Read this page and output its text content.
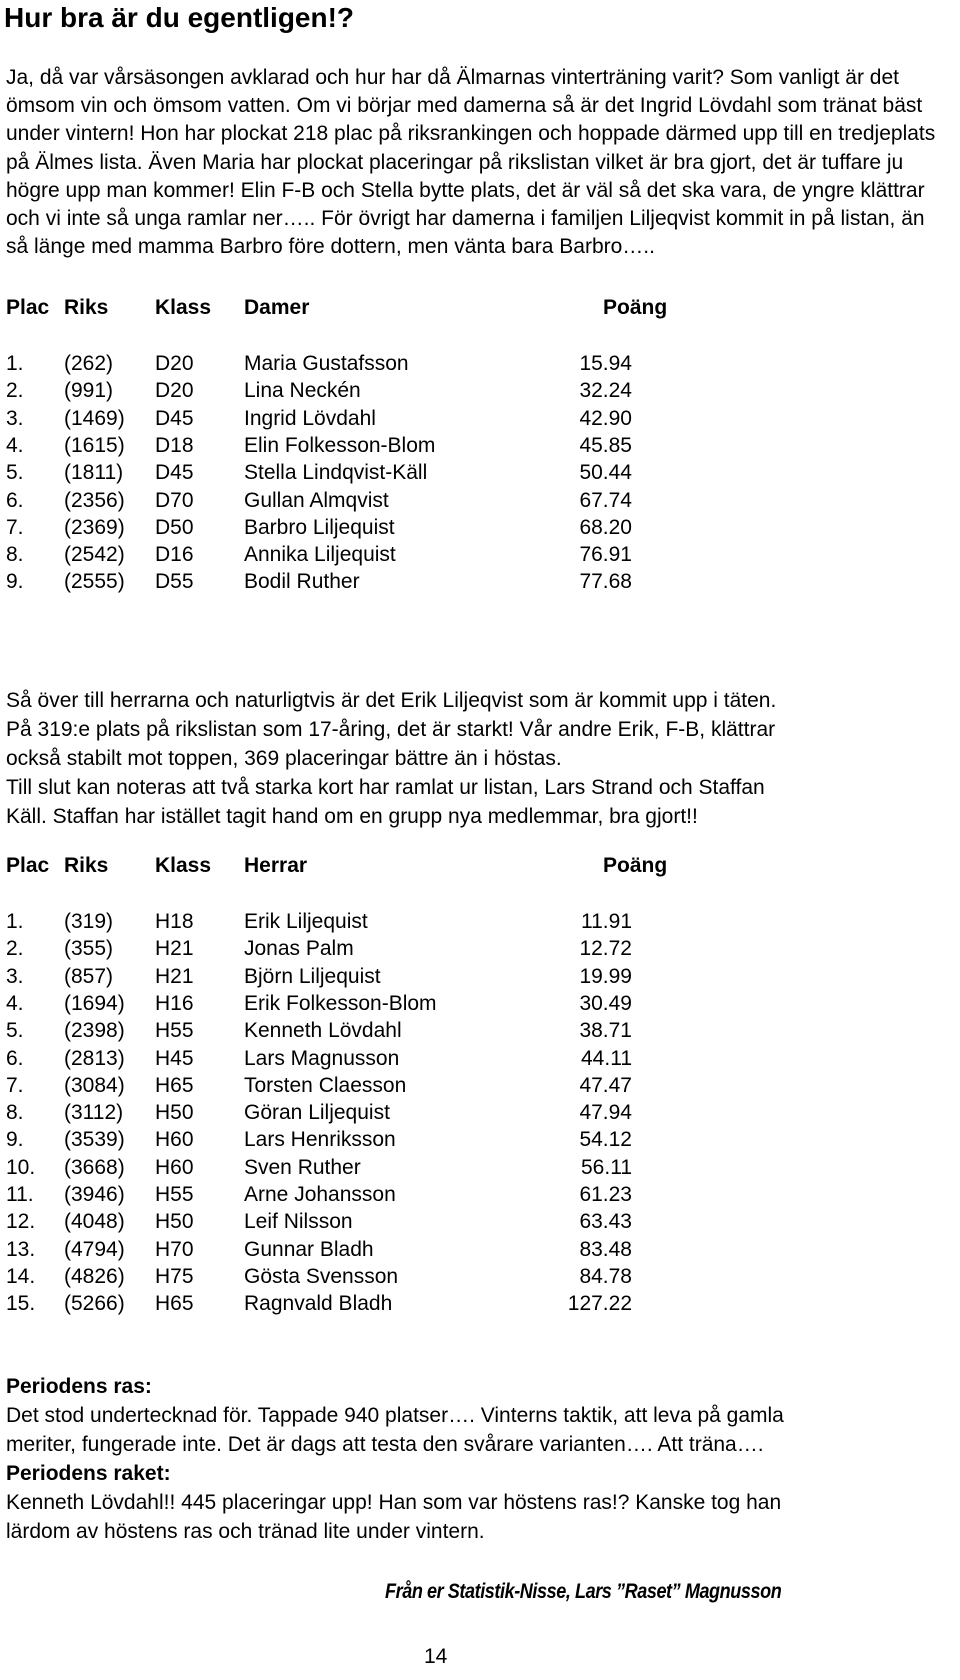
Hur bra är du egentligen!?

Ja, då var vårsäsongen avklarad och hur har då Älmarnas vinterträning varit? Som vanligt är det ömsom vin och ömsom vatten. Om vi börjar med damerna så är det Ingrid Lövdahl som tränat bäst under vintern! Hon har plockat 218 plac på riksrankingen och hoppade därmed upp till en tredjeplats på Älmes lista. Även Maria har plockat placeringar på rikslistan vilket är bra gjort, det är tuffare ju högre upp man kommer! Elin F-B och Stella bytte plats, det är väl så det ska vara, de yngre klättrar och vi inte så unga ramlar ner….. För övrigt har damerna i familjen Liljeqvist kommit in på listan, än så länge med mamma Barbro före dottern, men vänta bara Barbro…..

Plac Riks Klass Damer	Poäng
1. (262) D20 Maria Gustafsson	15.94
2. (991) D20 Lina Neckén	32.24
3. (1469) D45 Ingrid Lövdahl	42.90
4. (1615) D18 Elin Folkesson-Blom	45.85
5. (1811) D45 Stella Lindqvist-Käll	50.44
6. (2356) D70 Gullan Almqvist	67.74
7. (2369) D50 Barbro Liljequist	68.20
8. (2542) D16 Annika Liljequist	76.91
9. (2555) D55 Bodil Ruther	77.68

Så över till herrarna och naturligtvis är det Erik Liljeqvist som är kommit upp i täten.

På 319:e plats på rikslistan som 17-åring, det är starkt! Vår andre Erik, F-B, klättrar

också stabilt mot toppen, 369 placeringar bättre än i höstas.

Till slut kan noteras att två starka kort har ramlat ur listan, Lars Strand och Staffan

Käll. Staffan har istället tagit hand om en grupp nya medlemmar, bra gjort!!

Plac Riks Klass Herrar	Poäng
1. (319) H18 Erik Liljequist	11.91
2. (355) H21 Jonas Palm	12.72
3. (857) H21 Björn Liljequist	19.99
4. (1694) H16 Erik Folkesson-Blom	30.49
5. (2398) H55 Kenneth Lövdahl	38.71
6. (2813) H45 Lars Magnusson	44.11
7. (3084) H65 Torsten Claesson	47.47
8. (3112) H50 Göran Liljequist	47.94
9. (3539) H60 Lars Henriksson	54.12
10. (3668) H60 Sven Ruther	56.11
11. (3946) H55 Arne Johansson	61.23
12. (4048) H50 Leif Nilsson	63.43
13. (4794) H70 Gunnar Bladh	83.48
14. (4826) H75 Gösta Svensson	84.78
15. (5266) H65 Ragnvald Bladh	127.22

Periodens ras:

Det stod undertecknad för. Tappade 940 platser…. Vinterns taktik, att leva på gamla

meriter, fungerade inte. Det är dags att testa den svårare varianten…. Att träna….

Periodens raket:

Kenneth Lövdahl!! 445 placeringar upp! Han som var höstens ras!? Kanske tog han

lärdom av höstens ras och tränad lite under vintern.

Från er Statistik-Nisse, Lars ”Raset” Magnusson

14
